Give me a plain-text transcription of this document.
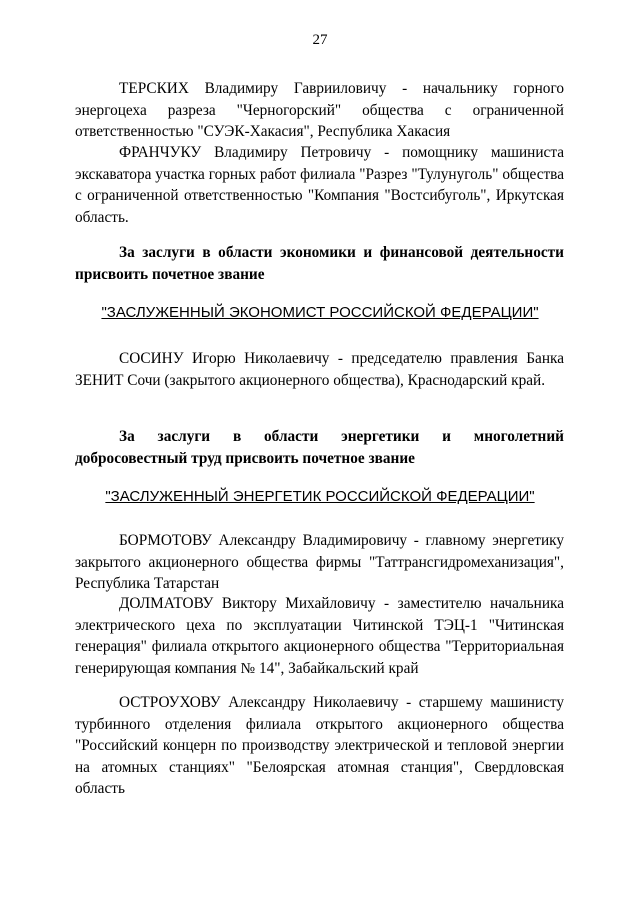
27

ТЕРСКИХ Владимиру Гаврииловичу - начальнику горного энергоцеха разреза "Черногорский" общества с ограниченной ответственностью "СУЭК-Хакасия", Республика Хакасия

ФРАНЧУКУ Владимиру Петровичу - помощнику машиниста экскаватора участка горных работ филиала "Разрез "Тулунуголь" общества с ограниченной ответственностью "Компания "Востсибуголь", Иркутская область.

За заслуги в области экономики и финансовой деятельности присвоить почетное звание

"ЗАСЛУЖЕННЫЙ ЭКОНОМИСТ РОССИЙСКОЙ ФЕДЕРАЦИИ"

СОСИНУ Игорю Николаевичу - председателю правления Банка ЗЕНИТ Сочи (закрытого акционерного общества), Краснодарский край.

За заслуги в области энергетики и многолетний

добросовестный труд присвоить почетное звание

"ЗАСЛУЖЕННЫЙ ЭНЕРГЕТИК РОССИЙСКОЙ ФЕДЕРАЦИИ"

БОРМОТОВУ Александру Владимировичу - главному энергетику закрытого акционерного общества фирмы "Таттрансгидромеханизация", Республика Татарстан

ДОЛМАТОВУ Виктору Михайловичу - заместителю начальника электрического цеха по эксплуатации Читинской ТЭЦ-1 "Читинская генерация" филиала открытого акционерного общества "Территориальная генерирующая компания № 14", Забайкальский край

ОСТРОУХОВУ Александру Николаевичу - старшему машинисту турбинного отделения филиала открытого акционерного общества "Российский концерн по производству электрической и тепловой энергии на атомных станциях" "Белоярская атомная станция", Свердловская область
